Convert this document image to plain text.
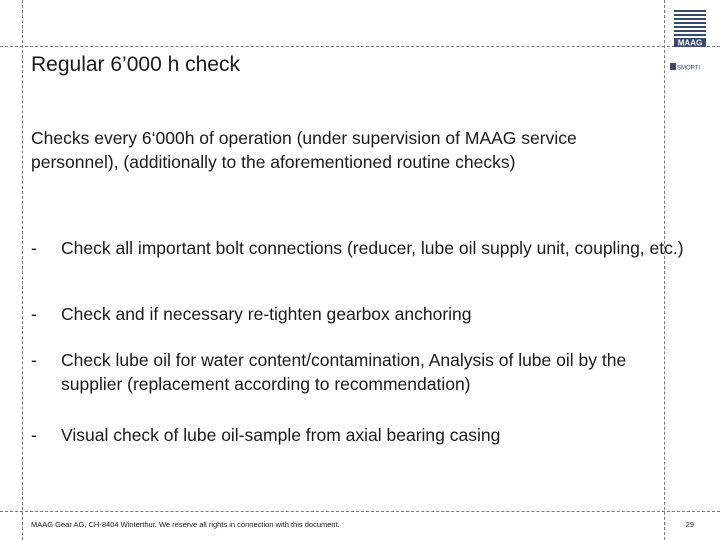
MAAG
SMOPTI
Regular 6’000 h check
Checks every 6‘000h of operation (under supervision of MAAG service personnel), (additionally to the aforementioned routine checks)
- Check all important bolt connections (reducer, lube oil supply unit, coupling, etc.)
- Check and if necessary re-tighten gearbox anchoring
- Check lube oil for water content/contamination, Analysis of lube oil by the supplier (replacement according to recommendation)
- Visual check of lube oil-sample from axial bearing casing
MAAG Gear AG, CH-8404 Winterthur. We reserve all rights in connection with this document.	29
